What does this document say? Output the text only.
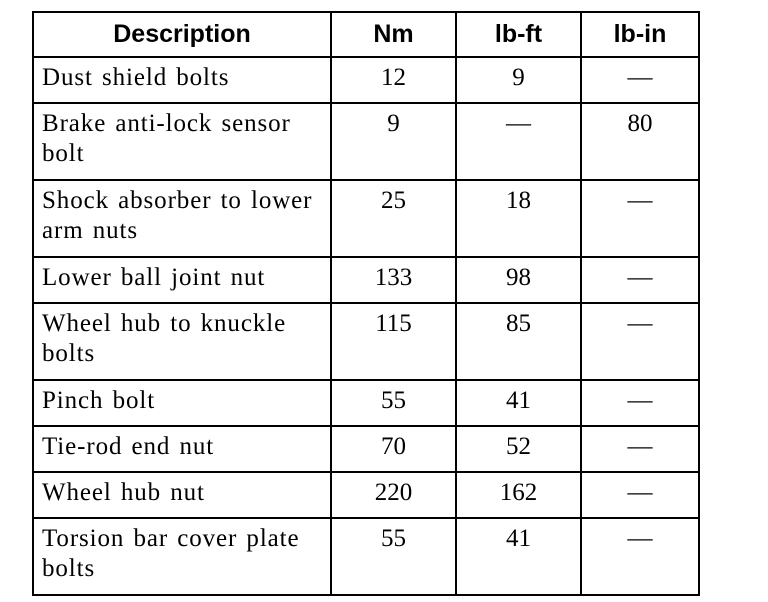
Description	Nm	lb-ft	lb-in
Dust shield bolts	12	9	—
Brake anti-lock sensor bolt	9	—	80
Shock absorber to lower arm nuts	25	18	—
Lower ball joint nut	133	98	—
Wheel hub to knuckle bolts	115	85	—
Pinch bolt	55	41	—
Tie-rod end nut	70	52	—
Wheel hub nut	220	162	—
Torsion bar cover plate bolts	55	41	—
